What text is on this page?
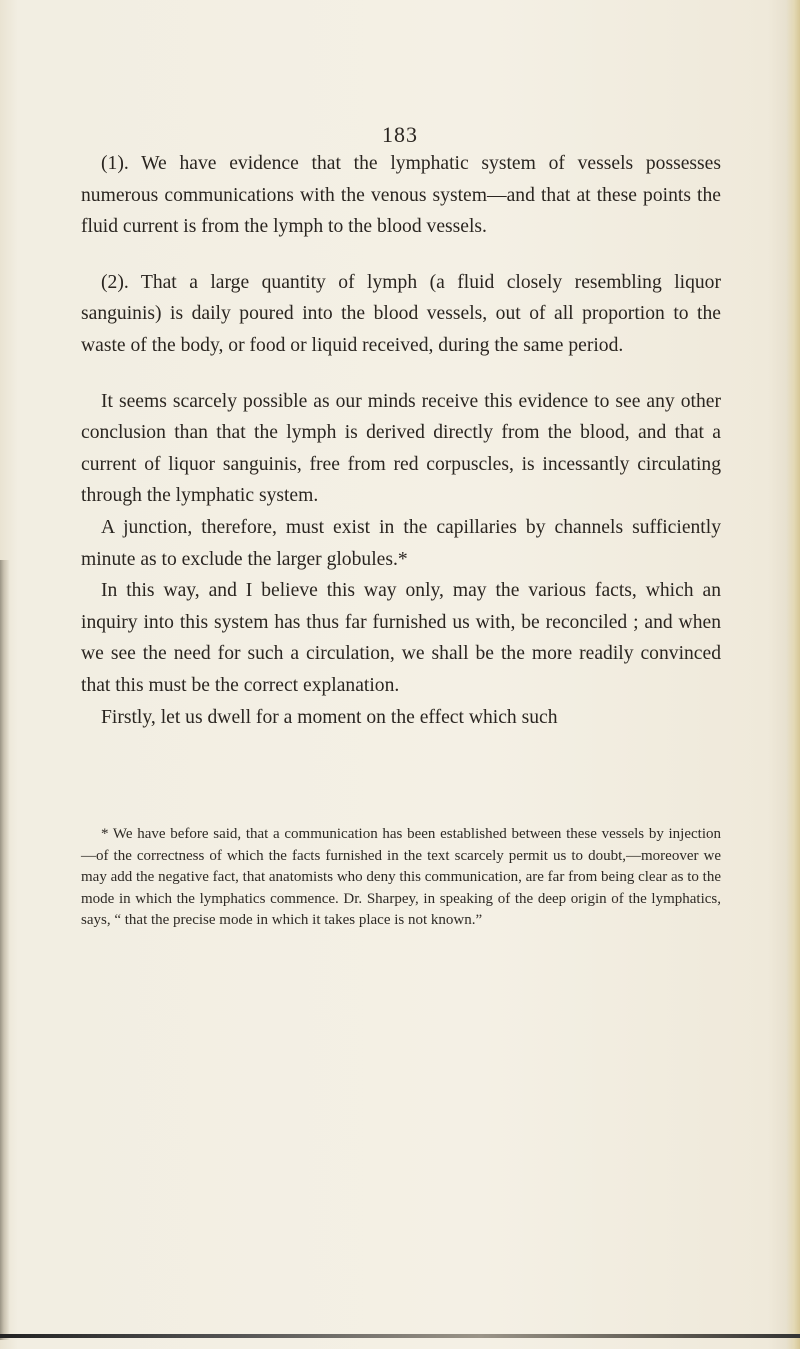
183

(1). We have evidence that the lymphatic system of vessels possesses numerous communications with the venous system—and that at these points the fluid current is from the lymph to the blood vessels.

(2). That a large quantity of lymph (a fluid closely resembling liquor sanguinis) is daily poured into the blood vessels, out of all proportion to the waste of the body, or food or liquid received, during the same period.

It seems scarcely possible as our minds receive this evidence to see any other conclusion than that the lymph is derived directly from the blood, and that a current of liquor sanguinis, free from red corpuscles, is incessantly circulating through the lymphatic system.

A junction, therefore, must exist in the capillaries by channels sufficiently minute as to exclude the larger globules.*

In this way, and I believe this way only, may the various facts, which an inquiry into this system has thus far furnished us with, be reconciled ; and when we see the need for such a circulation, we shall be the more readily convinced that this must be the correct explanation.

Firstly, let us dwell for a moment on the effect which such

* We have before said, that a communication has been established between these vessels by injection—of the correctness of which the facts furnished in the text scarcely permit us to doubt,—moreover we may add the negative fact, that anatomists who deny this communication, are far from being clear as to the mode in which the lymphatics commence. Dr. Sharpey, in speaking of the deep origin of the lymphatics, says, “ that the precise mode in which it takes place is not known.”
